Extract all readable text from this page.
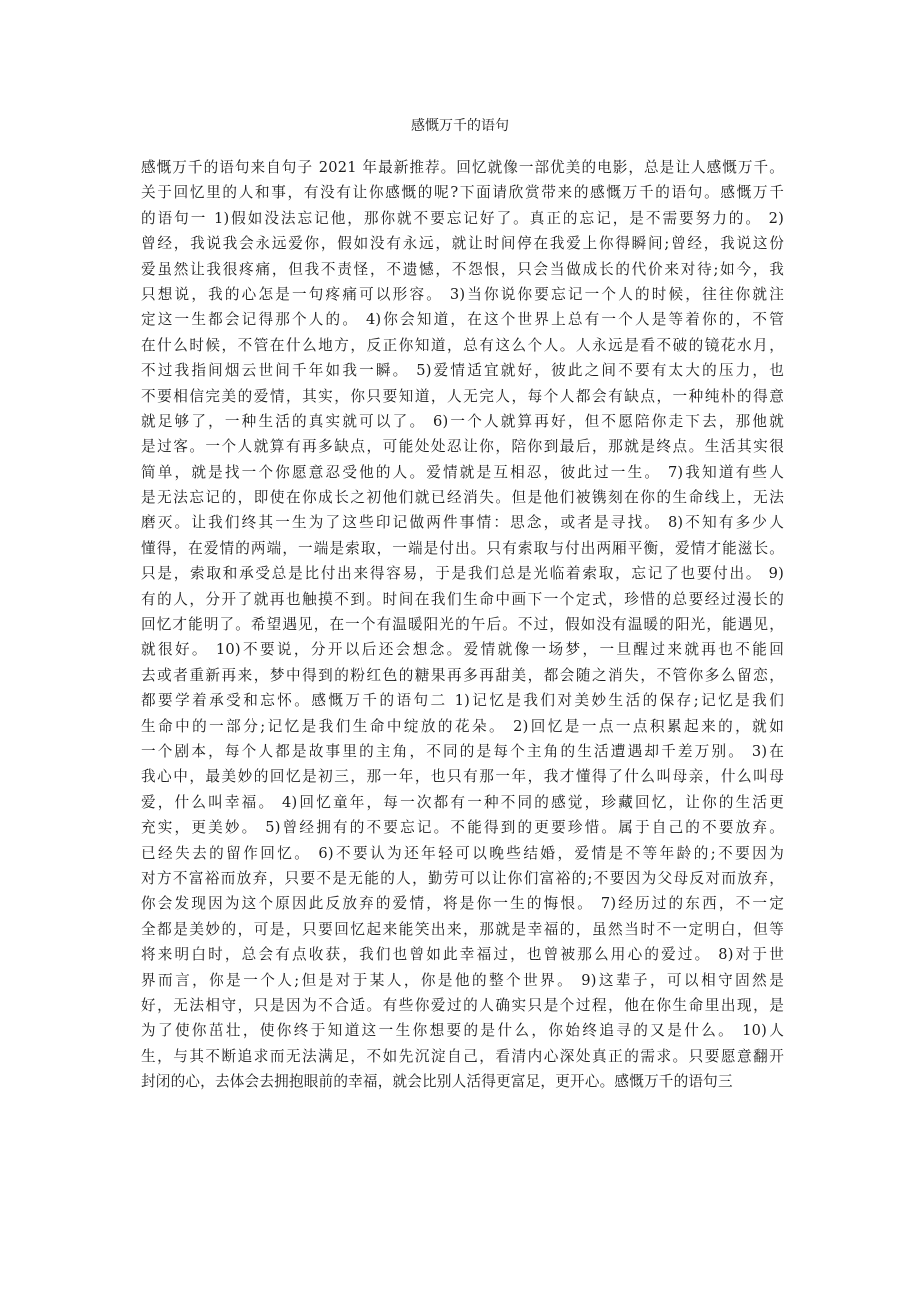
感慨万千的语句
感慨万千的语句来自句子 2021 年最新推荐。回忆就像一部优美的电影，总是让人感慨万千。
关于回忆里的人和事，有没有让你感慨的呢?下面请欣赏带来的感慨万千的语句。感慨万千
的语句一 1)假如没法忘记他，那你就不要忘记好了。真正的忘记，是不需要努力的。 2)
曾经，我说我会永远爱你，假如没有永远，就让时间停在我爱上你得瞬间;曾经，我说这份
爱虽然让我很疼痛，但我不责怪，不遗憾，不怨恨，只会当做成长的代价来对待;如今，我
只想说，我的心怎是一句疼痛可以形容。 3)当你说你要忘记一个人的时候，往往你就注
定这一生都会记得那个人的。 4)你会知道，在这个世界上总有一个人是等着你的，不管
在什么时候，不管在什么地方，反正你知道，总有这么个人。人永远是看不破的镜花水月，
不过我指间烟云世间千年如我一瞬。 5)爱情适宜就好，彼此之间不要有太大的压力，也
不要相信完美的爱情，其实，你只要知道，人无完人，每个人都会有缺点，一种纯朴的得意
就足够了，一种生活的真实就可以了。 6)一个人就算再好，但不愿陪你走下去，那他就
是过客。一个人就算有再多缺点，可能处处忍让你，陪你到最后，那就是终点。生活其实很
简单，就是找一个你愿意忍受他的人。爱情就是互相忍，彼此过一生。 7)我知道有些人
是无法忘记的，即使在你成长之初他们就已经消失。但是他们被镌刻在你的生命线上，无法
磨灭。让我们终其一生为了这些印记做两件事情：思念，或者是寻找。 8)不知有多少人
懂得，在爱情的两端，一端是索取，一端是付出。只有索取与付出两厢平衡，爱情才能滋长。
只是，索取和承受总是比付出来得容易，于是我们总是光临着索取，忘记了也要付出。 9)
有的人，分开了就再也触摸不到。时间在我们生命中画下一个定式，珍惜的总要经过漫长的
回忆才能明了。希望遇见，在一个有温暖阳光的午后。不过，假如没有温暖的阳光，能遇见，
就很好。 10)不要说，分开以后还会想念。爱情就像一场梦，一旦醒过来就再也不能回
去或者重新再来，梦中得到的粉红色的糖果再多再甜美，都会随之消失，不管你多么留恋，
都要学着承受和忘怀。感慨万千的语句二 1)记忆是我们对美妙生活的保存;记忆是我们
生命中的一部分;记忆是我们生命中绽放的花朵。 2)回忆是一点一点积累起来的，就如
一个剧本，每个人都是故事里的主角，不同的是每个主角的生活遭遇却千差万别。 3)在
我心中，最美妙的回忆是初三，那一年，也只有那一年，我才懂得了什么叫母亲，什么叫母
爱，什么叫幸福。 4)回忆童年，每一次都有一种不同的感觉，珍藏回忆，让你的生活更
充实，更美妙。 5)曾经拥有的不要忘记。不能得到的更要珍惜。属于自己的不要放弃。
已经失去的留作回忆。 6)不要认为还年轻可以晚些结婚，爱情是不等年龄的;不要因为
对方不富裕而放弃，只要不是无能的人，勤劳可以让你们富裕的;不要因为父母反对而放弃，
你会发现因为这个原因此反放弃的爱情，将是你一生的悔恨。 7)经历过的东西，不一定
全都是美妙的，可是，只要回忆起来能笑出来，那就是幸福的，虽然当时不一定明白，但等
将来明白时，总会有点收获，我们也曾如此幸福过，也曾被那么用心的爱过。 8)对于世
界而言，你是一个人;但是对于某人，你是他的整个世界。 9)这辈子，可以相守固然是
好，无法相守，只是因为不合适。有些你爱过的人确实只是个过程，他在你生命里出现，是
为了使你茁壮，使你终于知道这一生你想要的是什么，你始终追寻的又是什么。 10)人
生，与其不断追求而无法满足，不如先沉淀自己，看清内心深处真正的需求。只要愿意翻开
封闭的心，去体会去拥抱眼前的幸福，就会比别人活得更富足，更开心。感慨万千的语句三
